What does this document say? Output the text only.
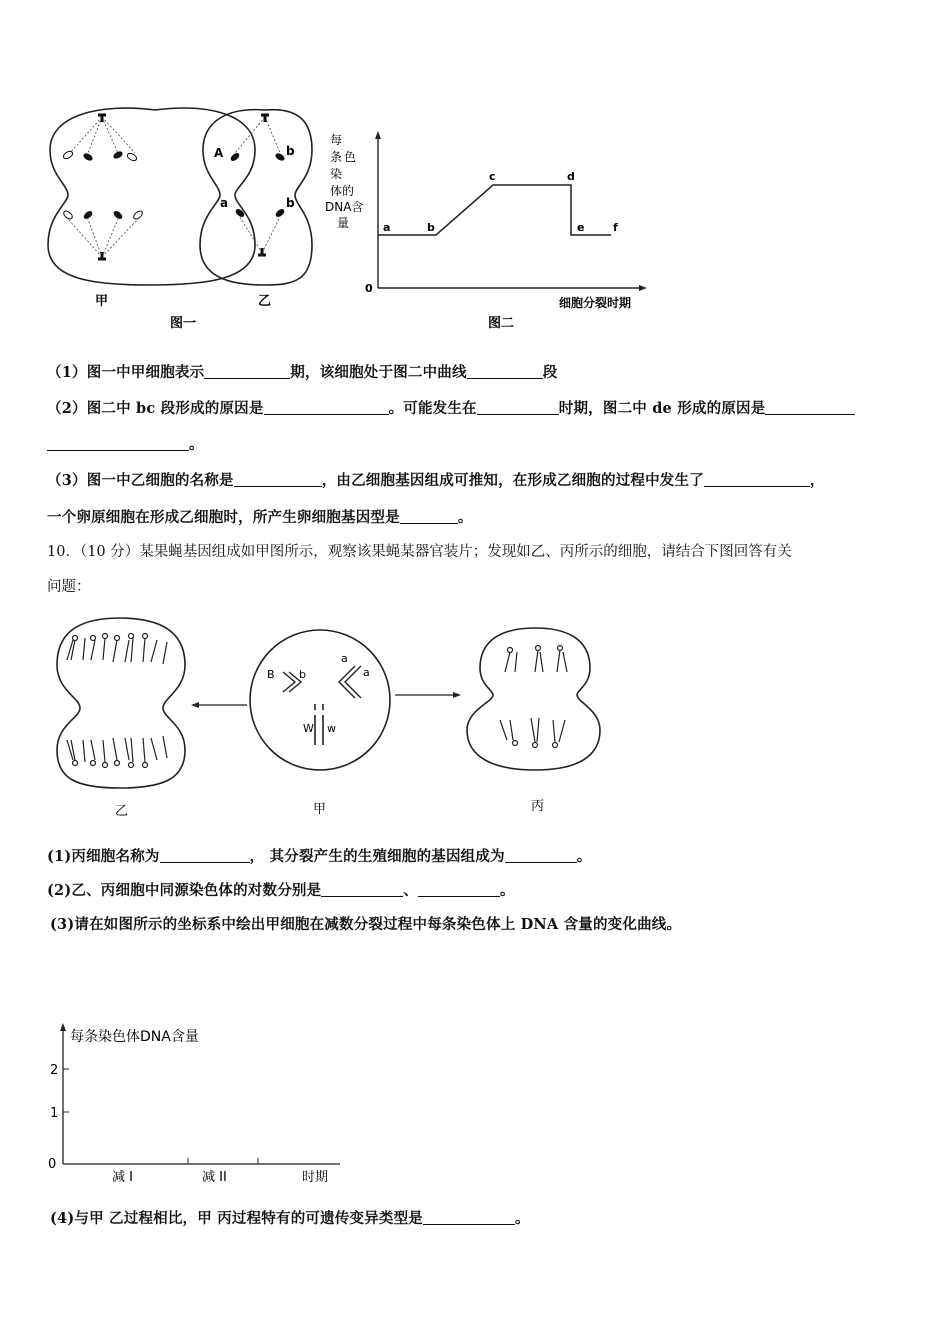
A	b
a	b
甲	乙
图一
每
条
染
色
体的
DNA含
量
0
a	b
c	d
e	f
细胞分裂时期
图二
（1）图一中甲细胞表示	期，该细胞处于图二中曲线	段
（2）图二中 bc 段形成的原因是	。可能发生在	时期，图二中 de 形成的原因是
。
（3）图一中乙细胞的名称是	，由乙细胞基因组成可推知，在形成乙细胞的过程中发生了	，
一个卵原细胞在形成乙细胞时，所产生卵细胞基因型是	。
10．（10 分）某果蝇基因组成如甲图所示，观察该果蝇某器官装片；发现如乙、丙所示的细胞，请结合下图回答有关
问题：
B b
a
a
W w
乙	甲	丙
(1)丙细胞名称为	， 其分裂产生的生殖细胞的基因组成为	。
(2)乙、丙细胞中同源染色体的对数分别是	、	。
(3)请在如图所示的坐标系中绘出甲细胞在减数分裂过程中每条染色体上 DNA 含量的变化曲线。
每条染色体DNA含量
2
1
0
减 I	减 II	时期
(4)与甲 乙过程相比，甲 丙过程特有的可遗传变异类型是	。
